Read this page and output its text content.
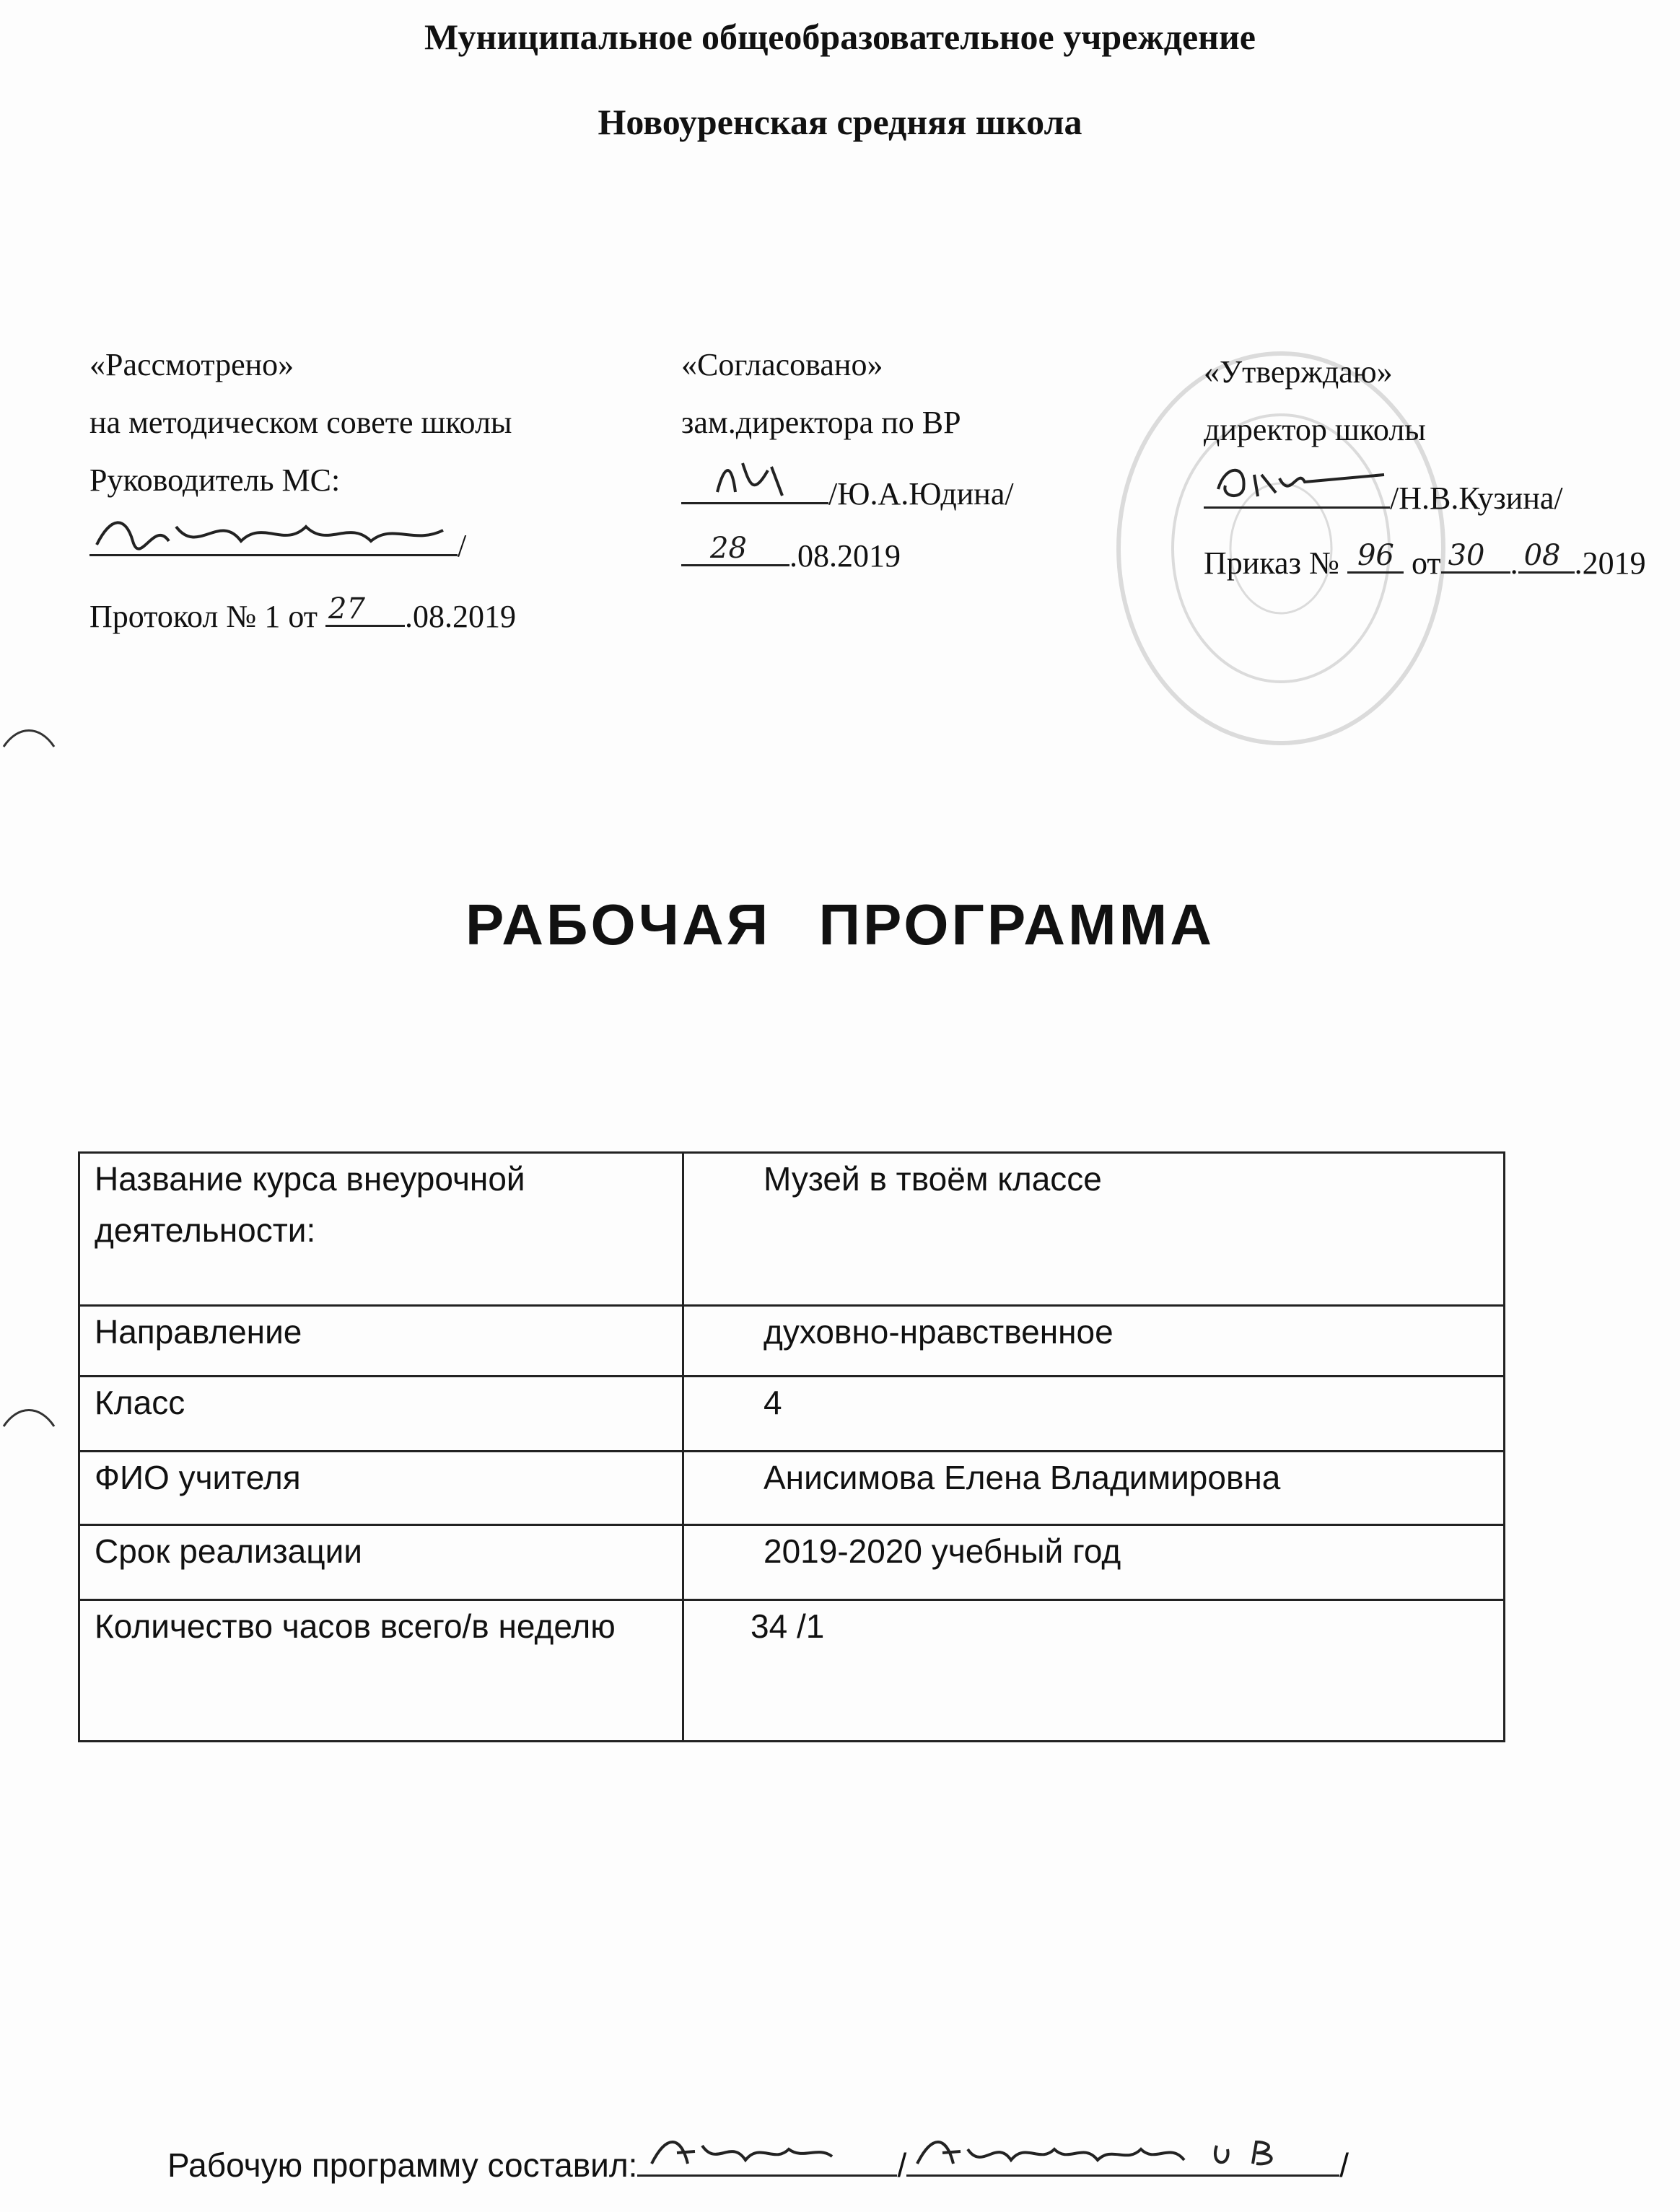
Муниципальное общеобразовательное учреждение
Новоуренская средняя школа
«Рассмотрено»
на методическом совете школы
Руководитель МС:
/
Протокол № 1 от 27 .08.2019
«Согласовано»
зам.директора по ВР
/Ю.А.Юдина/
28 .08.2019
«Утверждаю»
директор школы
/Н.В.Кузина/
Приказ № 96 от 30 . 08 .2019
РАБОЧАЯ ПРОГРАММА
Название курса внеурочной деятельности:	Музей в твоём классе
Направление	духовно-нравственное
Класс	4
ФИО учителя	Анисимова Елена Владимировна
Срок реализации	2019-2020 учебный год
Количество часов всего/в неделю	34 /1
Рабочую программу составил:	/	/
